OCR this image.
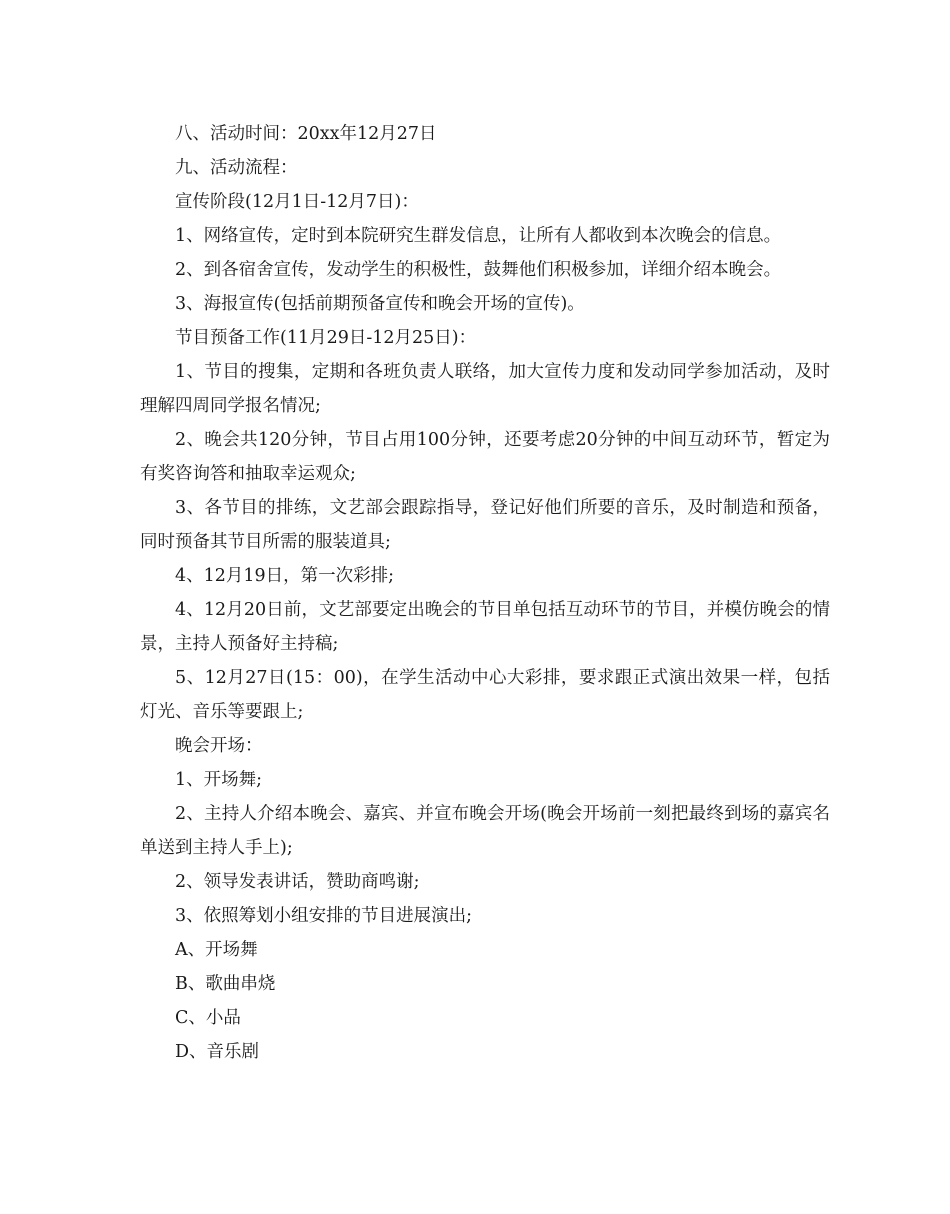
八、活动时间：20xx年12月27日

九、活动流程：

宣传阶段(12月1日-12月7日)：

1、网络宣传，定时到本院研究生群发信息，让所有人都收到本次晚会的信息。

2、到各宿舍宣传，发动学生的积极性，鼓舞他们积极参加，详细介绍本晚会。

3、海报宣传(包括前期预备宣传和晚会开场的宣传)。

节目预备工作(11月29日-12月25日)：

1、节目的搜集，定期和各班负责人联络，加大宣传力度和发动同学参加活动，及时理解四周同学报名情况;

2、晚会共120分钟，节目占用100分钟，还要考虑20分钟的中间互动环节，暂定为有奖咨询答和抽取幸运观众;

3、各节目的排练，文艺部会跟踪指导，登记好他们所要的音乐，及时制造和预备，同时预备其节目所需的服装道具;

4、12月19日，第一次彩排;

4、12月20日前，文艺部要定出晚会的节目单包括互动环节的节目，并模仿晚会的情景，主持人预备好主持稿;

5、12月27日(15：00)，在学生活动中心大彩排，要求跟正式演出效果一样，包括灯光、音乐等要跟上;

晚会开场：

1、开场舞;

2、主持人介绍本晚会、嘉宾、并宣布晚会开场(晚会开场前一刻把最终到场的嘉宾名单送到主持人手上);

2、领导发表讲话，赞助商鸣谢;

3、依照筹划小组安排的节目进展演出;

A、开场舞

B、歌曲串烧

C、小品

D、音乐剧
